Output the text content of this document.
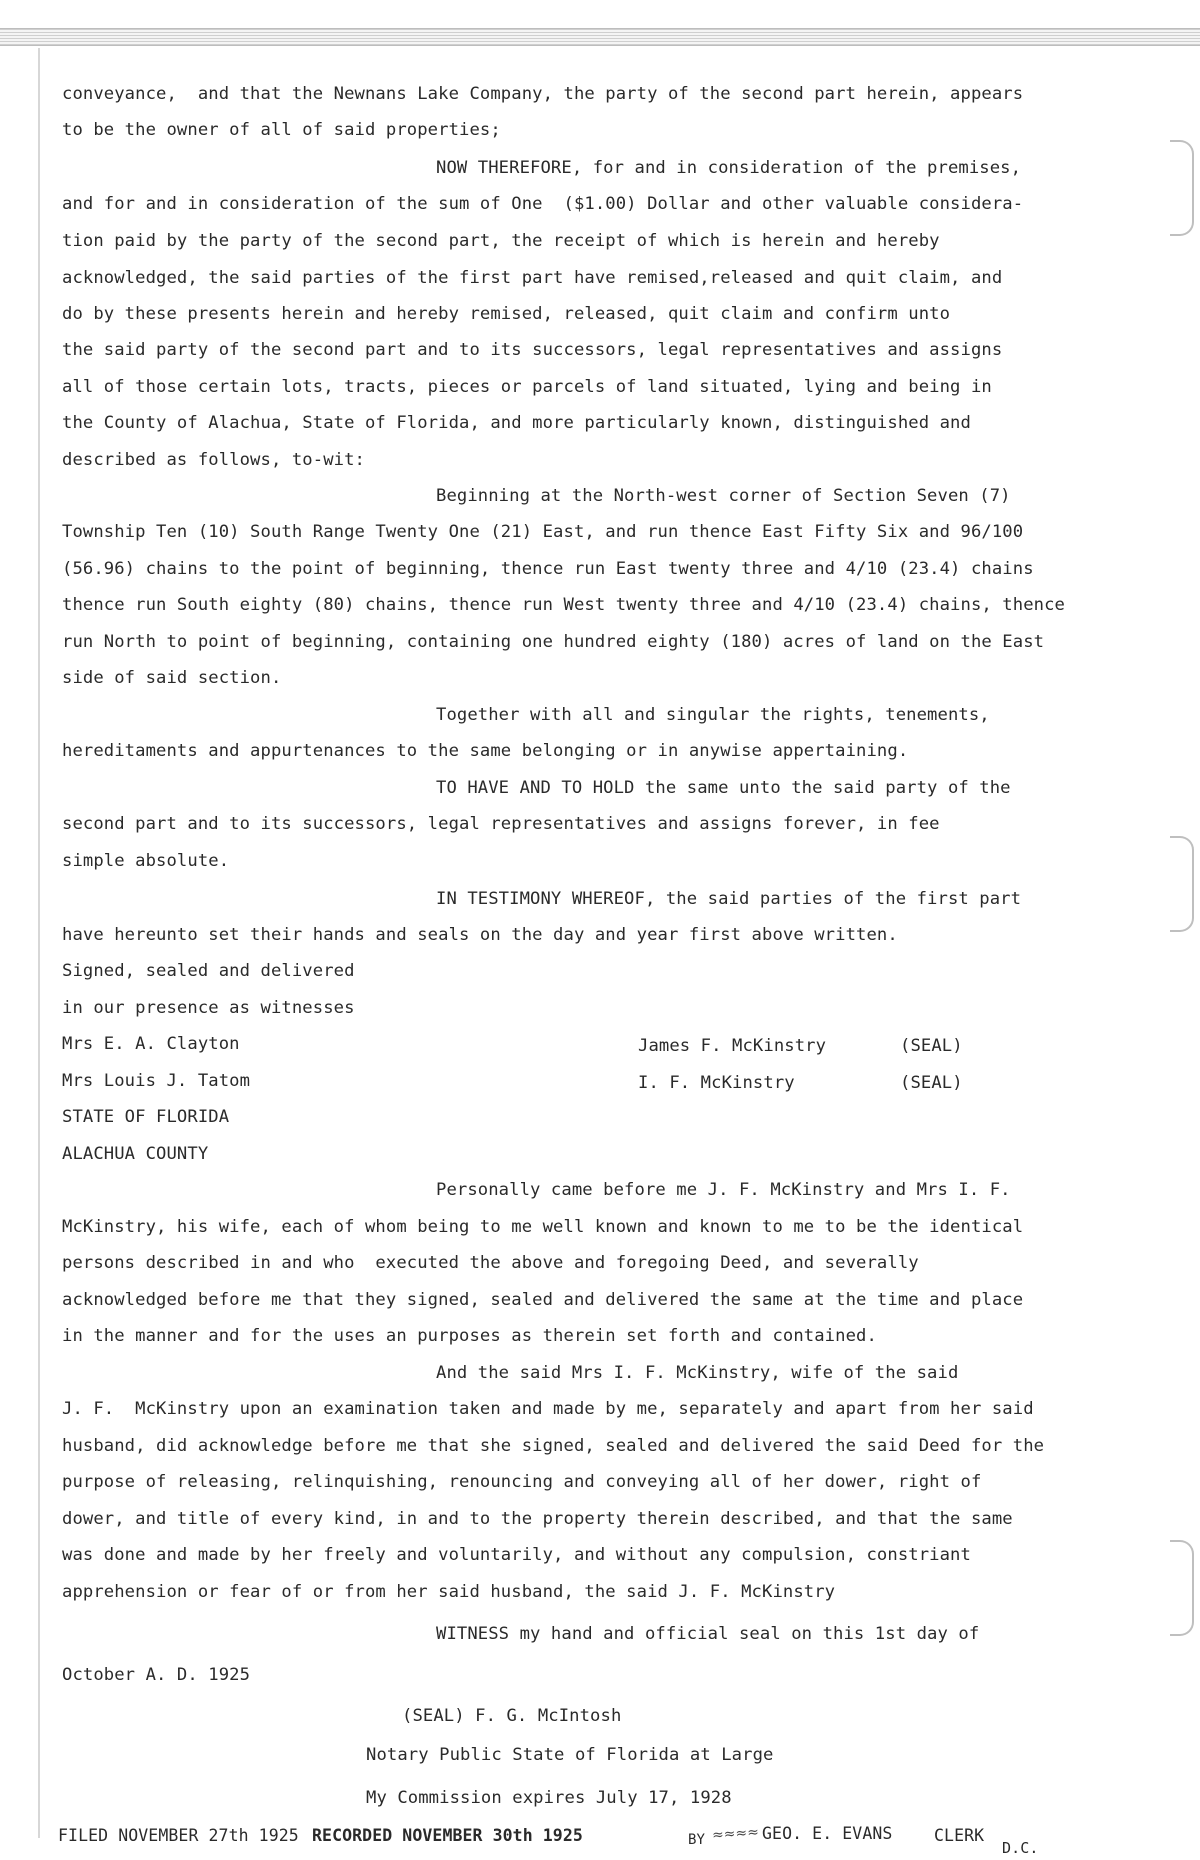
conveyance,  and that the Newnans Lake Company, the party of the second part herein, appears
to be the owner of all of said properties;
NOW THEREFORE, for and in consideration of the premises,
and for and in consideration of the sum of One  ($1.00) Dollar and other valuable considera-
tion paid by the party of the second part, the receipt of which is herein and hereby
acknowledged, the said parties of the first part have remised,released and quit claim, and
do by these presents herein and hereby remised, released, quit claim and confirm unto
the said party of the second part and to its successors, legal representatives and assigns
all of those certain lots, tracts, pieces or parcels of land situated, lying and being in
the County of Alachua, State of Florida, and more particularly known, distinguished and
described as follows, to-wit:
Beginning at the North-west corner of Section Seven (7)
Township Ten (10) South Range Twenty One (21) East, and run thence East Fifty Six and 96/100
(56.96) chains to the point of beginning, thence run East twenty three and 4/10 (23.4) chains
thence run South eighty (80) chains, thence run West twenty three and 4/10 (23.4) chains, thence
run North to point of beginning, containing one hundred eighty (180) acres of land on the East
side of said section.
Together with all and singular the rights, tenements,
hereditaments and appurtenances to the same belonging or in anywise appertaining.
TO HAVE AND TO HOLD the same unto the said party of the
second part and to its successors, legal representatives and assigns forever, in fee
simple absolute.
IN TESTIMONY WHEREOF, the said parties of the first part
have hereunto set their hands and seals on the day and year first above written.
Signed, sealed and delivered
in our presence as witnesses
Mrs E. A. Clayton
Mrs Louis J. Tatom
James F. McKinstry
I. F. McKinstry
(SEAL)
(SEAL)
STATE OF FLORIDA
ALACHUA COUNTY
Personally came before me J. F. McKinstry and Mrs I. F.
McKinstry, his wife, each of whom being to me well known and known to me to be the identical
persons described in and who  executed the above and foregoing Deed, and severally
acknowledged before me that they signed, sealed and delivered the same at the time and place
in the manner and for the uses an purposes as therein set forth and contained.
And the said Mrs I. F. McKinstry, wife of the said
J. F.  McKinstry upon an examination taken and made by me, separately and apart from her said
husband, did acknowledge before me that she signed, sealed and delivered the said Deed for the
purpose of releasing, relinquishing, renouncing and conveying all of her dower, right of
dower, and title of every kind, in and to the property therein described, and that the same
was done and made by her freely and voluntarily, and without any compulsion, constriant
apprehension or fear of or from her said husband, the said J. F. McKinstry
WITNESS my hand and official seal on this 1st day of
October A. D. 1925
(SEAL) F. G. McIntosh
Notary Public State of Florida at Large
My Commission expires July 17, 1928
FILED NOVEMBER 27th 1925 RECORDED NOVEMBER 30th 1925	BY ≈≈≈≈ GEO. E. EVANS	CLERK
D.C.
